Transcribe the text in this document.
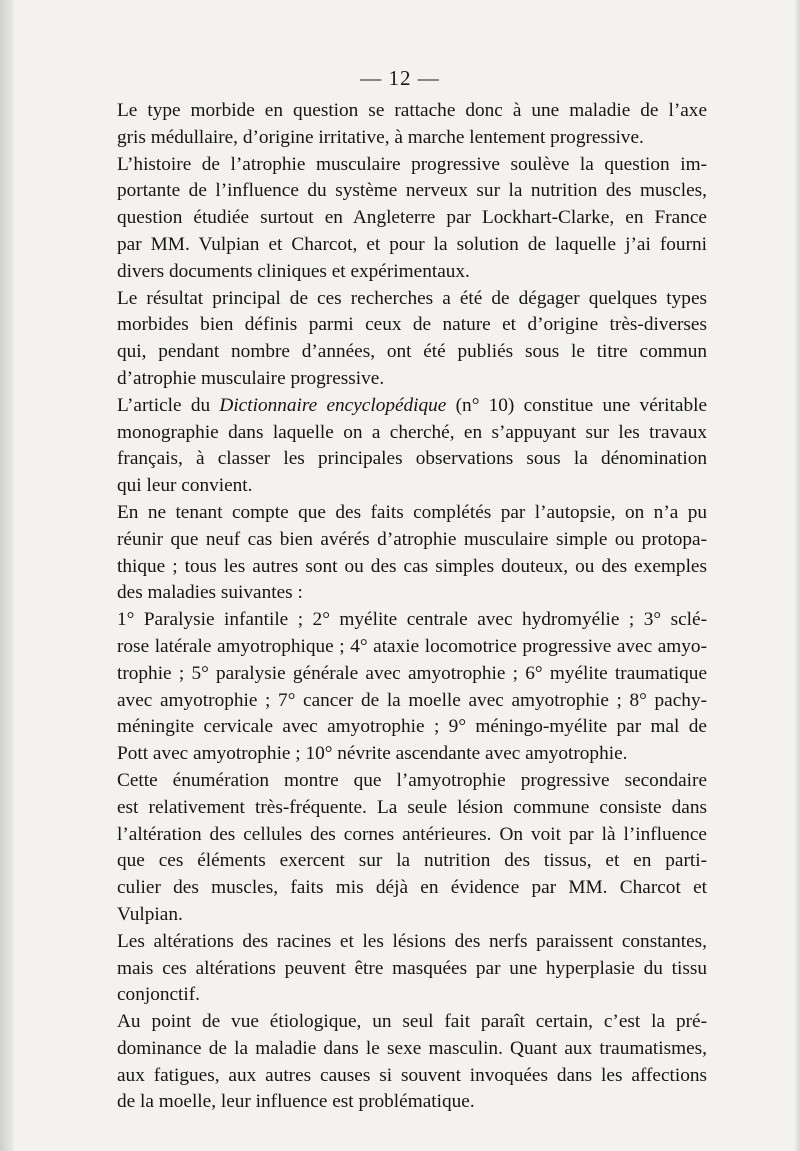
— 12 —

Le type morbide en question se rattache donc à une maladie de l’axe
gris médullaire, d’origine irritative, à marche lentement progressive.

L’histoire de l’atrophie musculaire progressive soulève la question im-
portante de l’influence du système nerveux sur la nutrition des muscles,
question étudiée surtout en Angleterre par Lockhart-Clarke, en France
par MM. Vulpian et Charcot, et pour la solution de laquelle j’ai fourni
divers documents cliniques et expérimentaux.

Le résultat principal de ces recherches a été de dégager quelques types
morbides bien définis parmi ceux de nature et d’origine très-diverses
qui, pendant nombre d’années, ont été publiés sous le titre commun
d’atrophie musculaire progressive.

L’article du Dictionnaire encyclopédique (n° 10) constitue une véritable
monographie dans laquelle on a cherché, en s’appuyant sur les travaux
français, à classer les principales observations sous la dénomination
qui leur convient.

En ne tenant compte que des faits complétés par l’autopsie, on n’a pu
réunir que neuf cas bien avérés d’atrophie musculaire simple ou protopa-
thique ; tous les autres sont ou des cas simples douteux, ou des exemples
des maladies suivantes :

1° Paralysie infantile ; 2° myélite centrale avec hydromyélie ; 3° sclé-
rose latérale amyotrophique ; 4° ataxie locomotrice progressive avec amyo-
trophie ; 5° paralysie générale avec amyotrophie ; 6° myélite traumatique
avec amyotrophie ; 7° cancer de la moelle avec amyotrophie ; 8° pachy-
méningite cervicale avec amyotrophie ; 9° méningo-myélite par mal de
Pott avec amyotrophie ; 10° névrite ascendante avec amyotrophie.

Cette énumération montre que l’amyotrophie progressive secondaire
est relativement très-fréquente. La seule lésion commune consiste dans
l’altération des cellules des cornes antérieures. On voit par là l’influence
que ces éléments exercent sur la nutrition des tissus, et en parti-
culier des muscles, faits mis déjà en évidence par MM. Charcot et
Vulpian.

Les altérations des racines et les lésions des nerfs paraissent constantes,
mais ces altérations peuvent être masquées par une hyperplasie du tissu
conjonctif.

Au point de vue étiologique, un seul fait paraît certain, c’est la pré-
dominance de la maladie dans le sexe masculin. Quant aux traumatismes,
aux fatigues, aux autres causes si souvent invoquées dans les affections
de la moelle, leur influence est problématique.
